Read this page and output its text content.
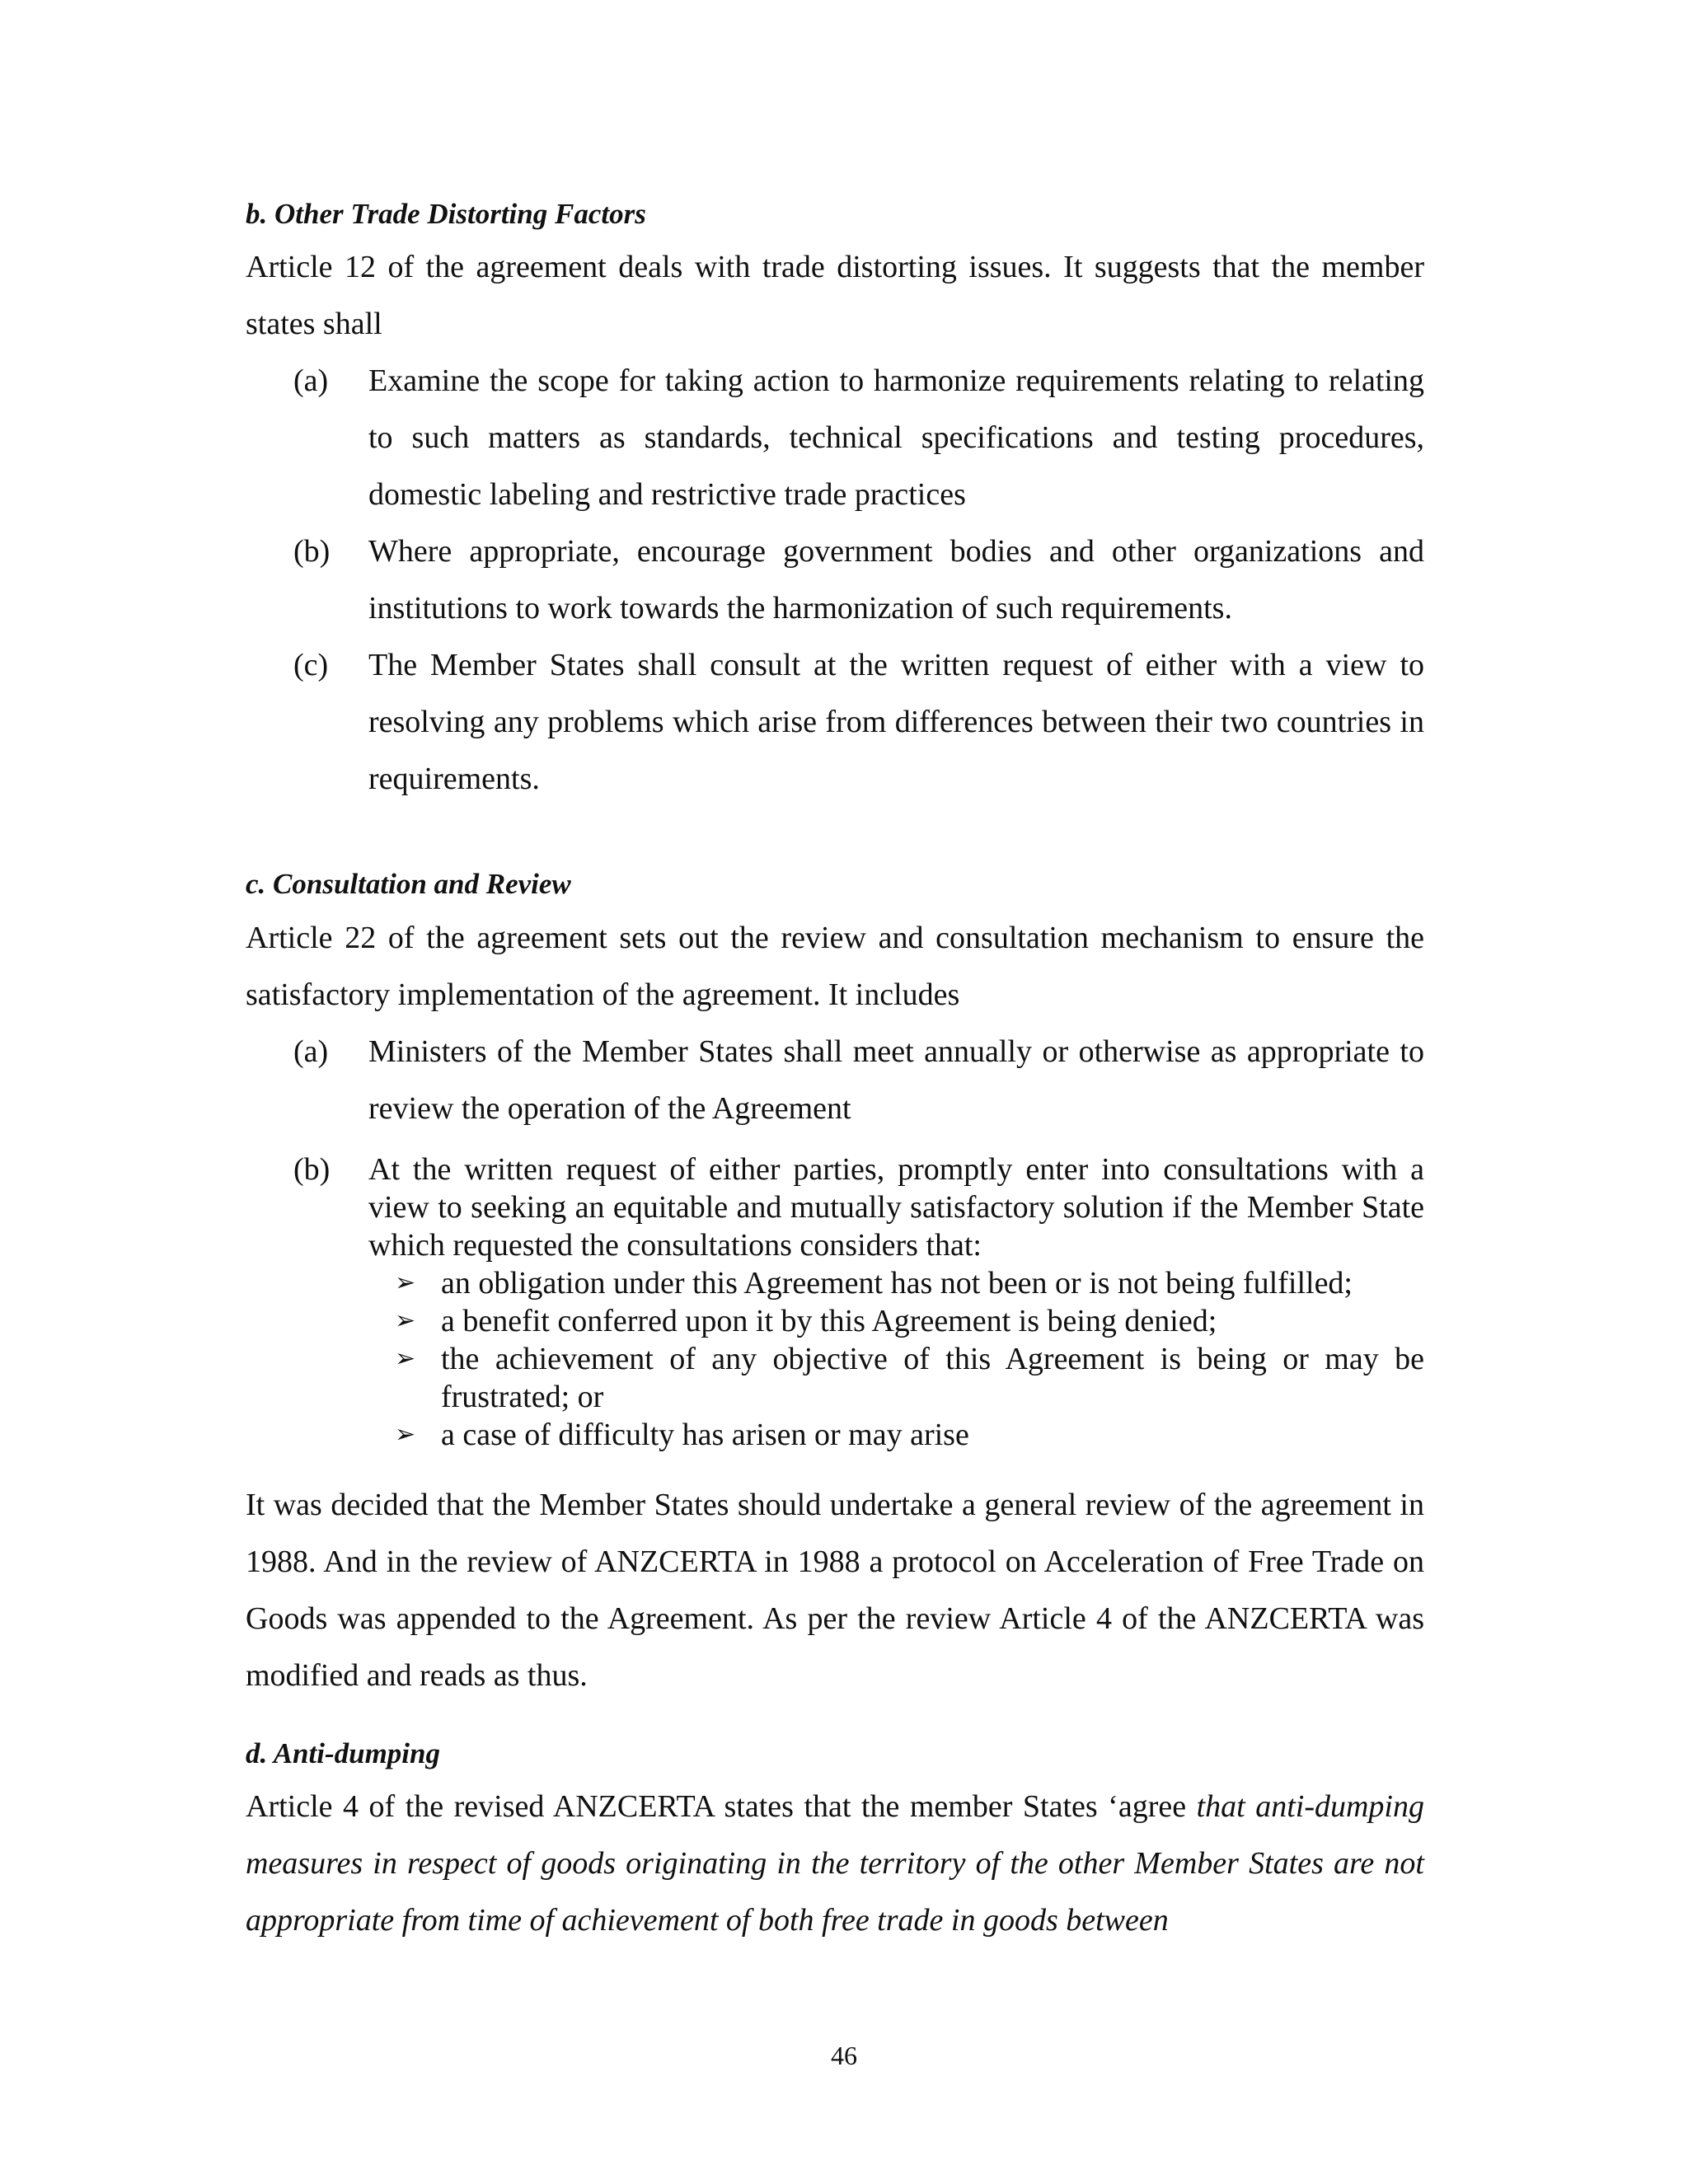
b. Other Trade Distorting Factors

Article 12 of the agreement deals with trade distorting issues. It suggests that the member states shall

(a) Examine the scope for taking action to harmonize requirements relating to relating to such matters as standards, technical specifications and testing procedures, domestic labeling and restrictive trade practices
(b) Where appropriate, encourage government bodies and other organizations and institutions to work towards the harmonization of such requirements.
(c) The Member States shall consult at the written request of either with a view to resolving any problems which arise from differences between their two countries in requirements.

c. Consultation and Review

Article 22 of the agreement sets out the review and consultation mechanism to ensure the satisfactory implementation of the agreement. It includes

(a) Ministers of the Member States shall meet annually or otherwise as appropriate to review the operation of the Agreement
(b) At the written request of either parties, promptly enter into consultations with a view to seeking an equitable and mutually satisfactory solution if the Member State which requested the consultations considers that:
➢ an obligation under this Agreement has not been or is not being fulfilled;
➢ a benefit conferred upon it by this Agreement is being denied;
➢ the achievement of any objective of this Agreement is being or may be frustrated; or
➢ a case of difficulty has arisen or may arise

It was decided that the Member States should undertake a general review of the agreement in 1988. And in the review of ANZCERTA in 1988 a protocol on Acceleration of Free Trade on Goods was appended to the Agreement. As per the review Article 4 of the ANZCERTA was modified and reads as thus.

d. Anti-dumping

Article 4 of the revised ANZCERTA states that the member States ‘agree that anti-dumping measures in respect of goods originating in the territory of the other Member States are not appropriate from time of achievement of both free trade in goods between

46
